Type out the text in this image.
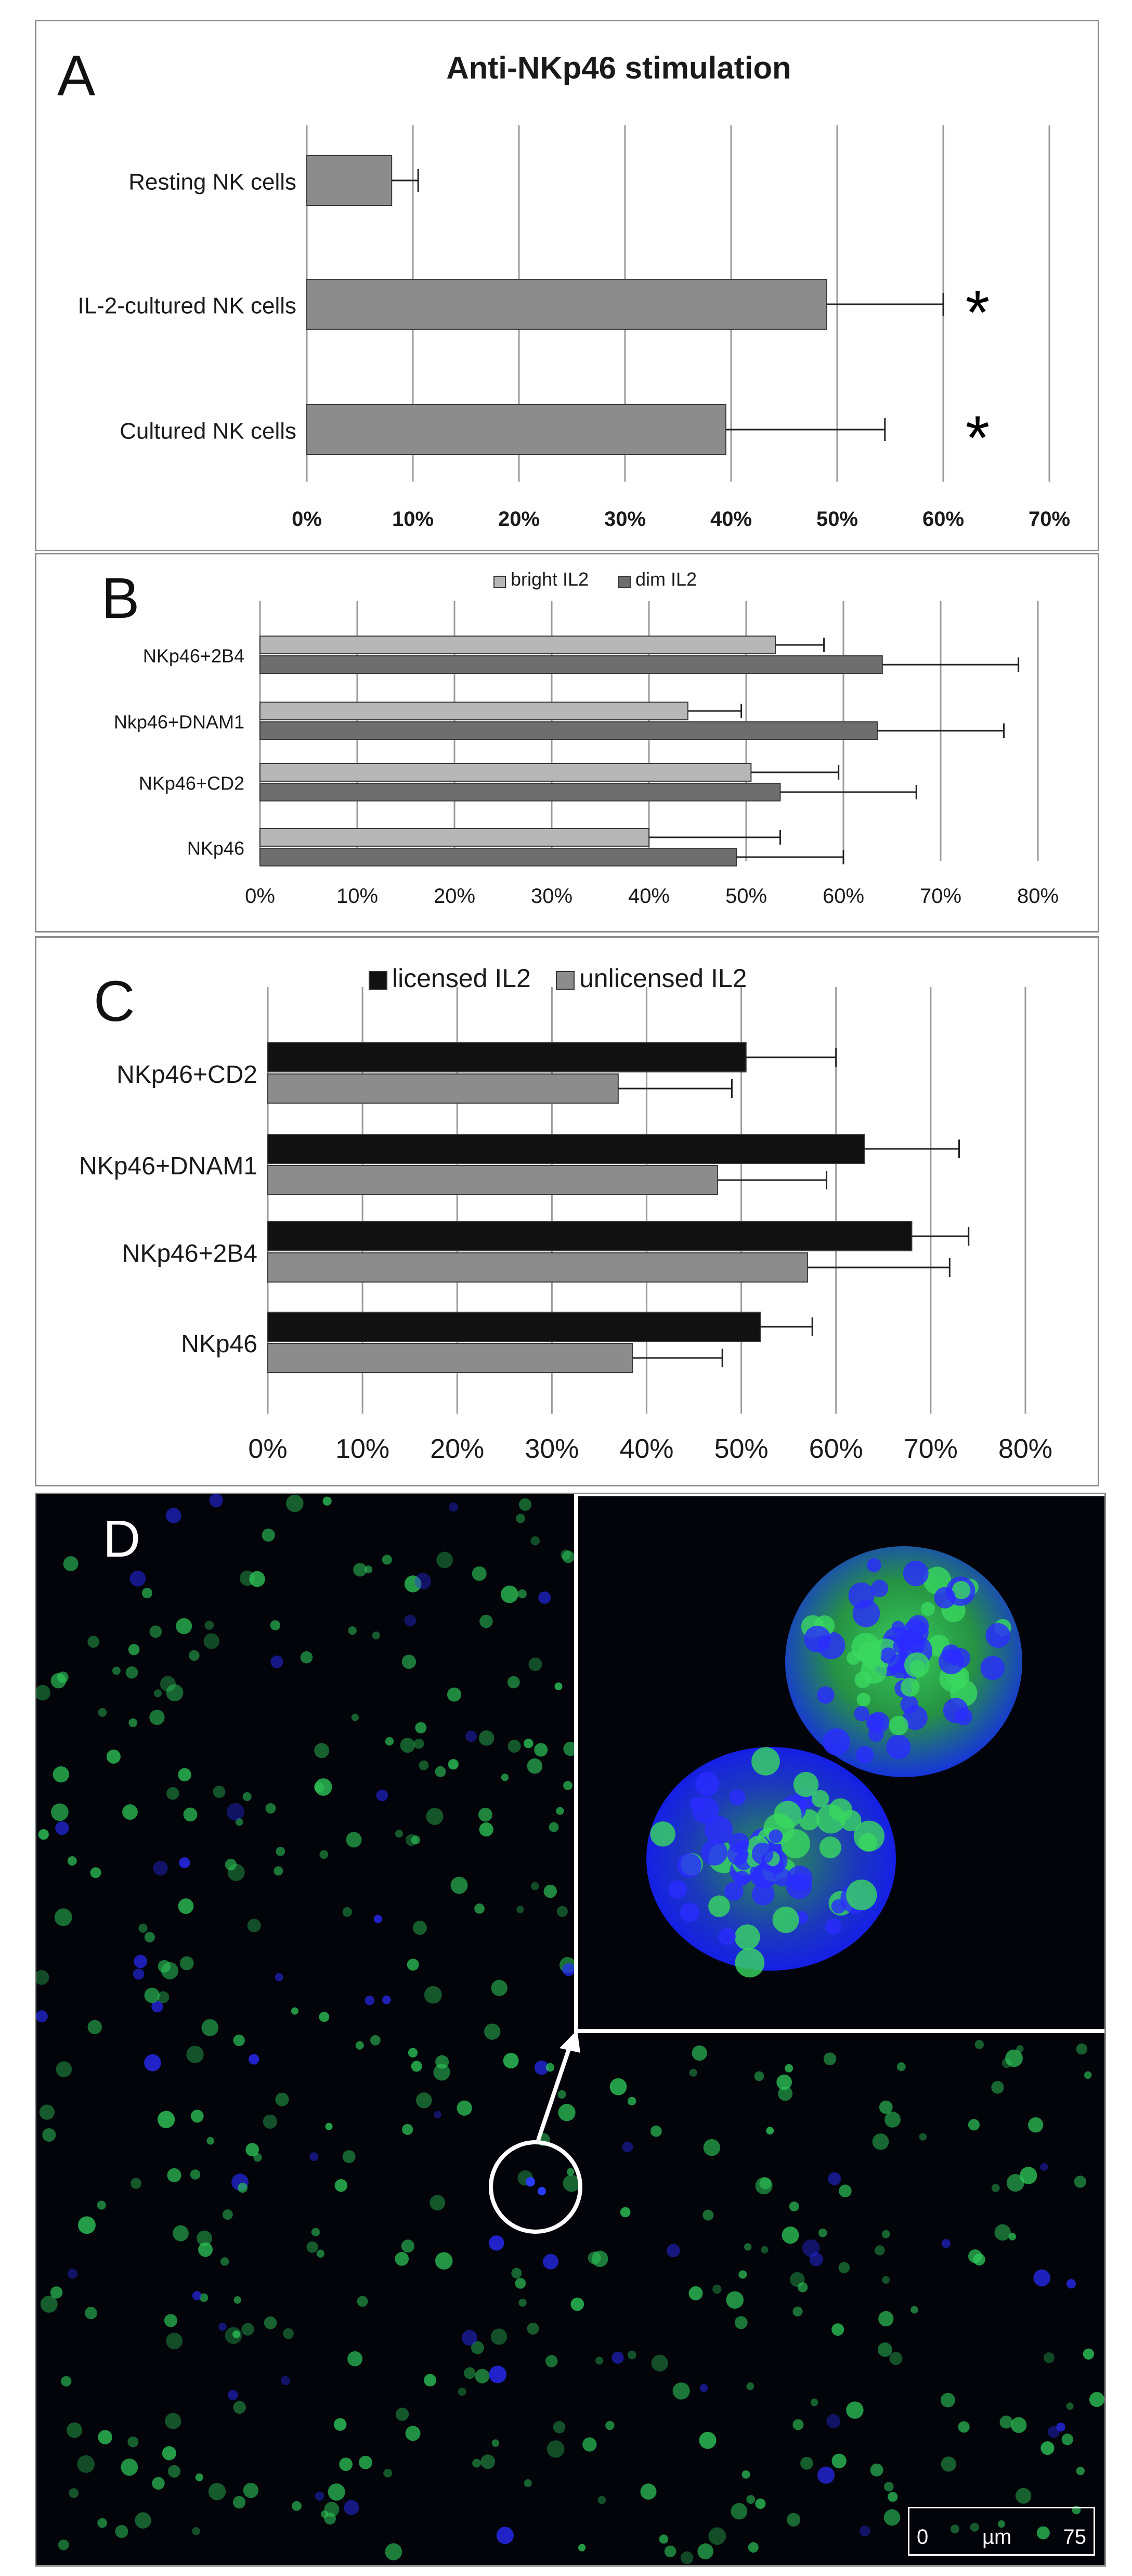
A
0%	10%	20%	30%	40%	50%	60%	70%
Anti-NKp46 stimulation
Resting NK cells
IL-2-cultured NK cells
Cultured NK cells
*
*
B
0%	10%	20%	30%	40%	50%	60%	70%	80%
bright IL2 dim IL2
NKp46+2B4
Nkp46+DNAM1
NKp46+CD2
NKp46
C
0% 10% 20% 30% 40% 50% 60% 70% 80%
licensed IL2 unlicensed IL2
NKp46+CD2
NKp46+DNAM1
NKp46+2B4
NKp46
D
0	µm 75
